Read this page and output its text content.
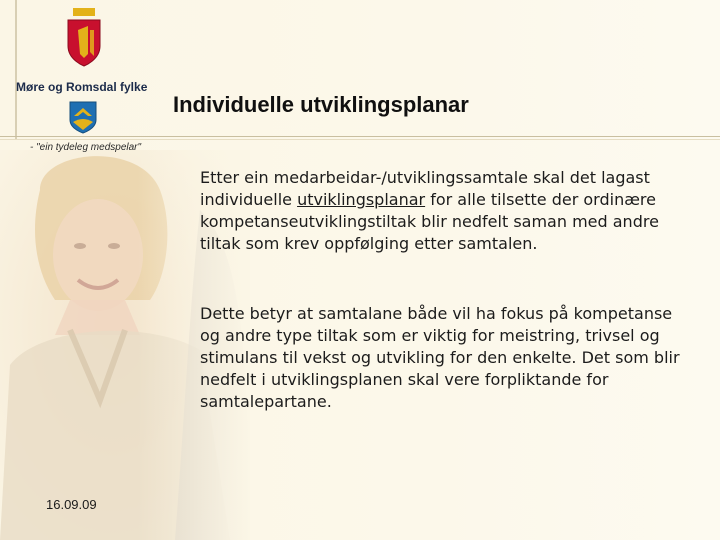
Møre og Romsdal fylke
Individuelle utviklingsplanar
- "ein tydeleg medspelar"
Etter ein medarbeidar-/utviklingssamtale skal det lagast individuelle utviklingsplanar for alle tilsette der ordinære kompetanseutviklingstiltak blir nedfelt saman med andre tiltak som krev oppfølging etter samtalen.
Dette betyr at samtalane både vil ha fokus på kompetanse og andre type tiltak som er viktig for meistring, trivsel og stimulans til vekst og utvikling for den enkelte. Det som blir nedfelt i utviklingsplanen skal vere forpliktande for samtalepartane.
16.09.09
